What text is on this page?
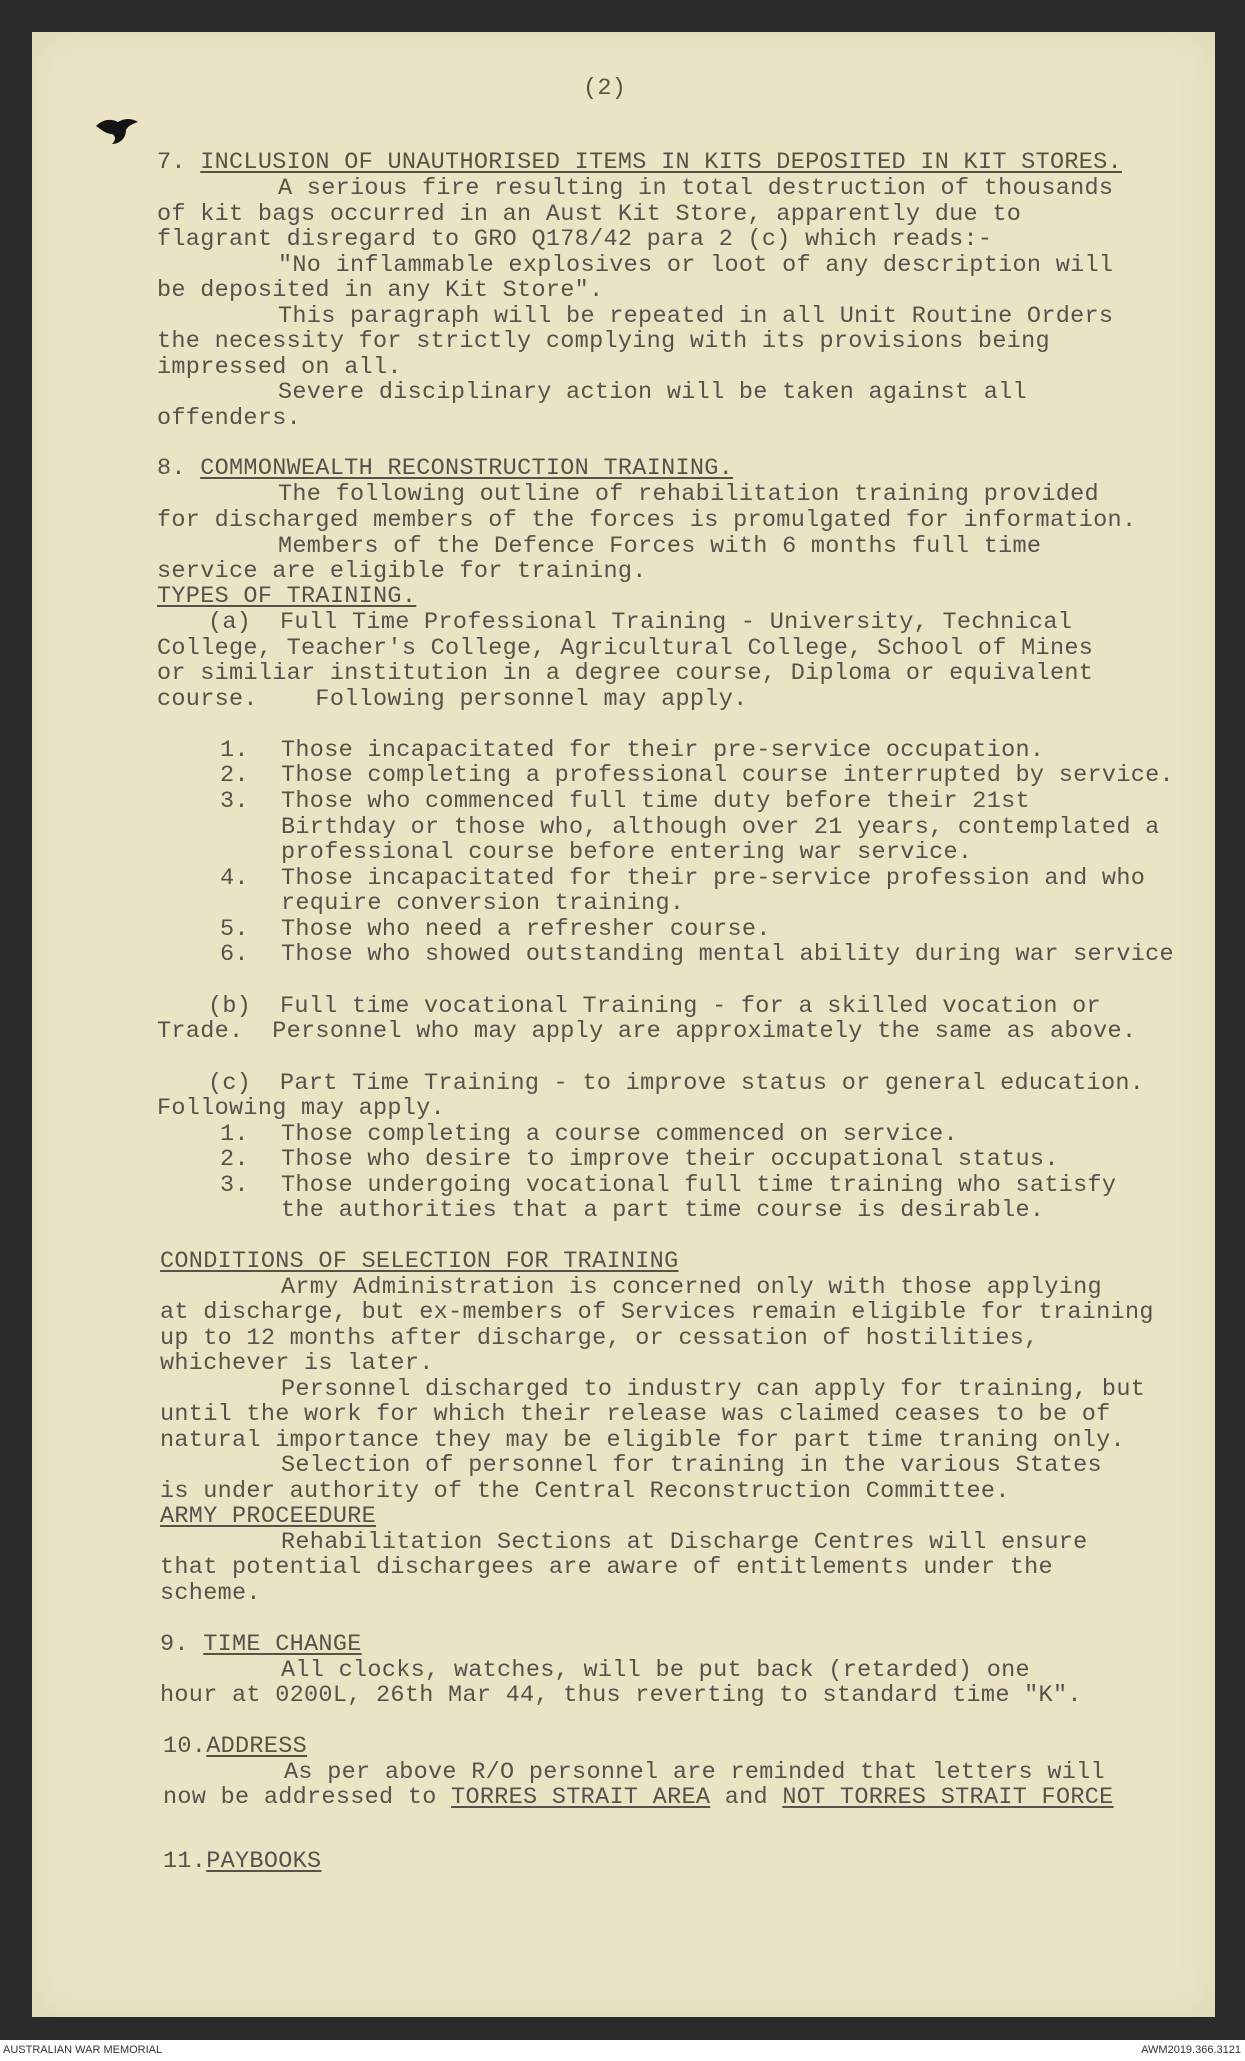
(2)
7. INCLUSION OF UNAUTHORISED ITEMS IN KITS DEPOSITED IN KIT STORES.
A serious fire resulting in total destruction of thousands
of kit bags occurred in an Aust Kit Store, apparently due to
flagrant disregard to GRO Q178/42 para 2 (c) which reads:-
"No inflammable explosives or loot of any description will
be deposited in any Kit Store".
This paragraph will be repeated in all Unit Routine Orders
the necessity for strictly complying with its provisions being
impressed on all.
Severe disciplinary action will be taken against all
offenders.
8. COMMONWEALTH RECONSTRUCTION TRAINING.
The following outline of rehabilitation training provided
for discharged members of the forces is promulgated for information.
Members of the Defence Forces with 6 months full time
service are eligible for training.
TYPES OF TRAINING.
(a)  Full Time Professional Training - University, Technical
College, Teacher's College, Agricultural College, School of Mines
or similiar institution in a degree course, Diploma or equivalent
course.    Following personnel may apply.
1. Those incapacitated for their pre-service occupation.
2. Those completing a professional course interrupted by service.
3. Those who commenced full time duty before their 21st
Birthday or those who, although over 21 years, contemplated a
professional course before entering war service.
4. Those incapacitated for their pre-service profession and who
require conversion training.
5. Those who need a refresher course.
6. Those who showed outstanding mental ability during war service
(b)  Full time vocational Training - for a skilled vocation or
Trade.  Personnel who may apply are approximately the same as above.
(c)  Part Time Training - to improve status or general education.
Following may apply.
1. Those completing a course commenced on service.
2. Those who desire to improve their occupational status.
3. Those undergoing vocational full time training who satisfy
the authorities that a part time course is desirable.
CONDITIONS OF SELECTION FOR TRAINING
Army Administration is concerned only with those applying
at discharge, but ex-members of Services remain eligible for training
up to 12 months after discharge, or cessation of hostilities,
whichever is later.
Personnel discharged to industry can apply for training, but
until the work for which their release was claimed ceases to be of
natural importance they may be eligible for part time traning only.
Selection of personnel for training in the various States
is under authority of the Central Reconstruction Committee.
ARMY PROCEEDURE
Rehabilitation Sections at Discharge Centres will ensure
that potential dischargees are aware of entitlements under the
scheme.
9. TIME CHANGE
All clocks, watches, will be put back (retarded) one
hour at 0200L, 26th Mar 44, thus reverting to standard time "K".
10.ADDRESS
As per above R/O personnel are reminded that letters will
now be addressed to TORRES STRAIT AREA and NOT TORRES STRAIT FORCE
11.PAYBOOKS
AUSTRALIAN WAR MEMORIAL	AWM2019.366.3121
